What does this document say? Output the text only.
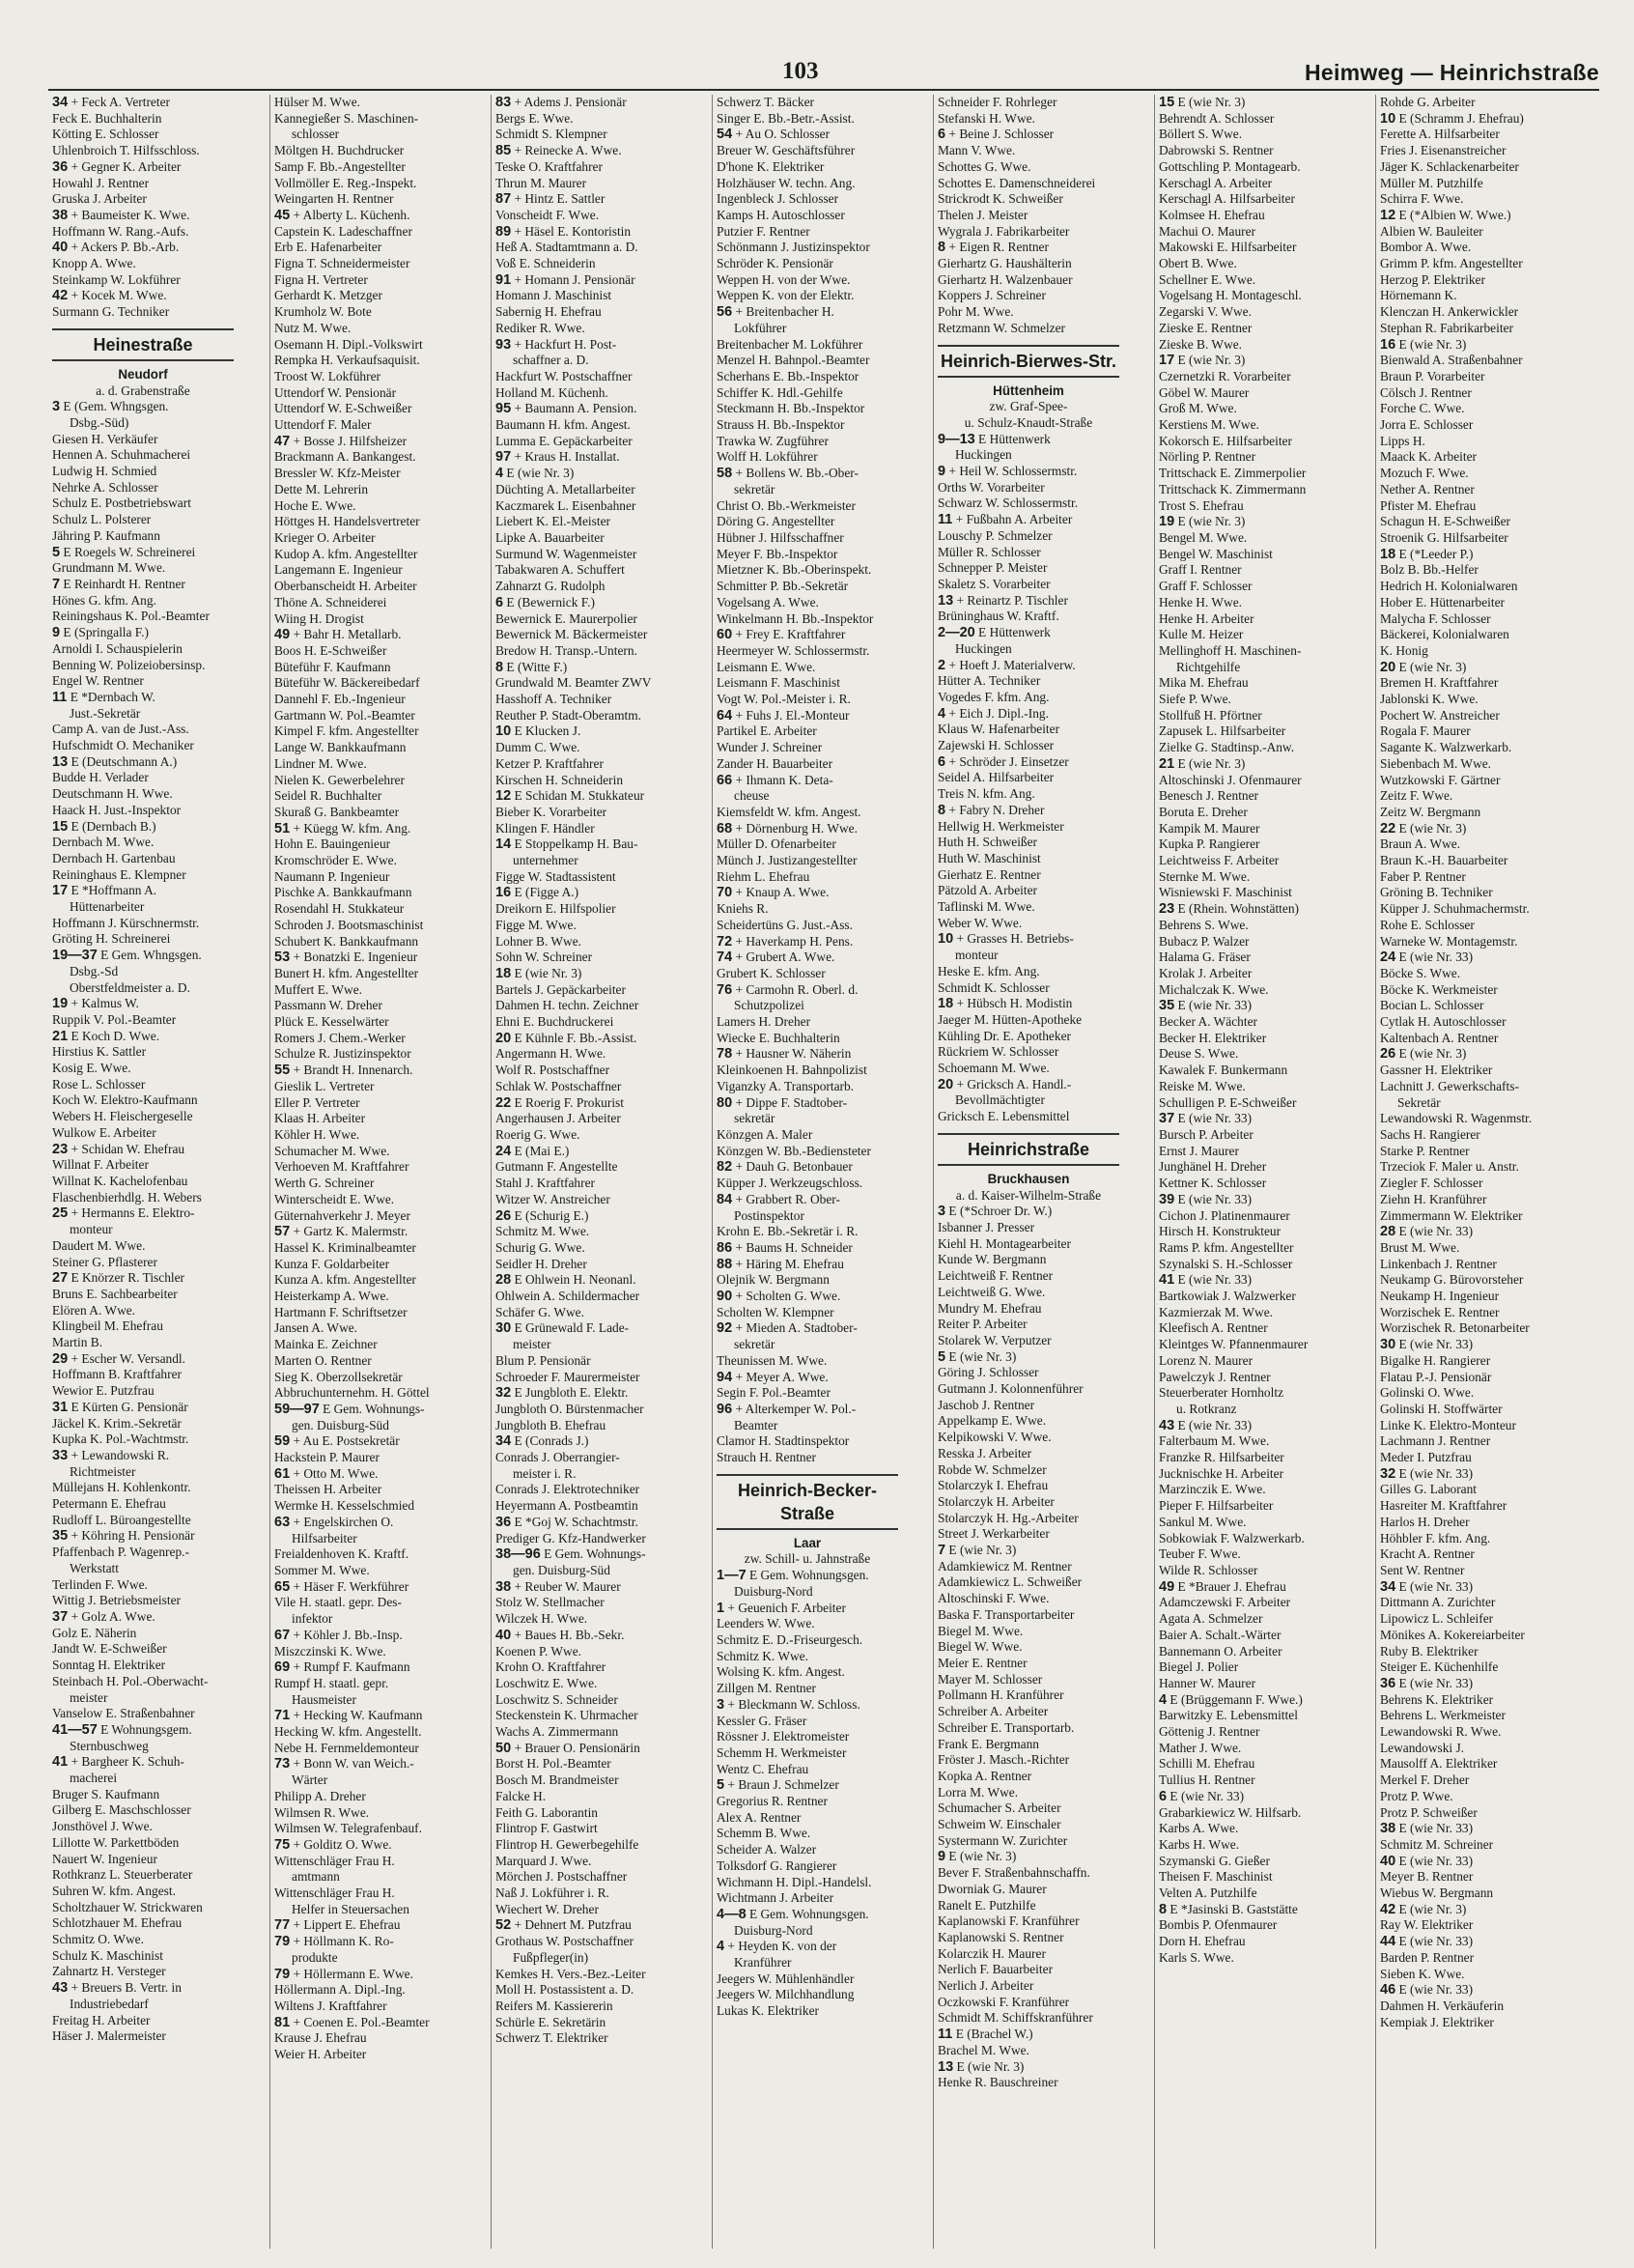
103	Heimweg — Heinrichstraße
34 + Feck A. Vertreter
Feck E. Buchhalterin
Kötting E. Schlosser
Uhlenbroich T. Hilfsschloss.
36 + Gegner K. Arbeiter
Howahl J. Rentner
Gruska J. Arbeiter
38 + Baumeister K. Wwe.
Hoffmann W. Rang.-Aufs.
40 + Ackers P. Bb.-Arb.
Knopp A. Wwe.
Steinkamp W. Lokführer
42 + Kocek M. Wwe.
Surmann G. Techniker
Heinestraße
Neudorf
a. d. Grabenstraße
3 E (Gem. Whngsgen.
Dsbg.-Süd)
Giesen H. Verkäufer
Hennen A. Schuhmacherei
Ludwig H. Schmied
Nehrke A. Schlosser
Schulz E. Postbetriebswart
Schulz L. Polsterer
Jähring P. Kaufmann
5 E Roegels W. Schreinerei
Grundmann M. Wwe.
7 E Reinhardt H. Rentner
Hönes G. kfm. Ang.
Reiningshaus K. Pol.-Beamter
9 E (Springalla F.)
Arnoldi I. Schauspielerin
Benning W. Polizeiobersinsp.
Engel W. Rentner
11 E *Dernbach W.
Just.-Sekretär
Camp A. van de Just.-Ass.
Hufschmidt O. Mechaniker
13 E (Deutschmann A.)
Budde H. Verlader
Deutschmann H. Wwe.
Haack H. Just.-Inspektor
15 E (Dernbach B.)
Dernbach M. Wwe.
Dernbach H. Gartenbau
Reininghaus E. Klempner
17 E *Hoffmann A.
Hüttenarbeiter
Hoffmann J. Kürschnermstr.
Gröting H. Schreinerei
19—37 E Gem. Whngsgen.
Dsbg.-Sd
Oberstfeldmeister a. D.
19 + Kalmus W.
Ruppik V. Pol.-Beamter
21 E Koch D. Wwe.
Hirstius K. Sattler
Kosig E. Wwe.
Rose L. Schlosser
Koch W. Elektro-Kaufmann
Webers H. Fleischergeselle
Wulkow E. Arbeiter
23 + Schidan W. Ehefrau
Willnat F. Arbeiter
Willnat K. Kachelofenbau
Flaschenbierhdlg. H. Webers
25 + Hermanns E. Elektro-
monteur
Daudert M. Wwe.
Steiner G. Pflasterer
27 E Knörzer R. Tischler
Bruns E. Sachbearbeiter
Elören A. Wwe.
Klingbeil M. Ehefrau
Martin B.
29 + Escher W. Versandl.
Hoffmann B. Kraftfahrer
Wewior E. Putzfrau
31 E Kürten G. Pensionär
Jäckel K. Krim.-Sekretär
Kupka K. Pol.-Wachtmstr.
33 + Lewandowski R.
Richtmeister
Müllejans H. Kohlenkontr.
Petermann E. Ehefrau
Rudloff L. Büroangestellte
35 + Köhring H. Pensionär
Pfaffenbach P. Wagenrep.-
Werkstatt
Terlinden F. Wwe.
Wittig J. Betriebsmeister
37 + Golz A. Wwe.
Golz E. Näherin
Jandt W. E-Schweißer
Sonntag H. Elektriker
Steinbach H. Pol.-Oberwacht-
meister
Vanselow E. Straßenbahner
41—57 E Wohnungsgem.
Sternbuschweg
41 + Bargheer K. Schuh-
macherei
Bruger S. Kaufmann
Gilberg E. Maschschlosser
Jonsthövel J. Wwe.
Lillotte W. Parkettböden
Nauert W. Ingenieur
Rothkranz L. Steuerberater
Suhren W. kfm. Angest.
Scholtzhauer W. Strickwaren
Schlotzhauer M. Ehefrau
Schmitz O. Wwe.
Schulz K. Maschinist
Zahnartz H. Versteger
43 + Breuers B. Vertr. in
Industriebedarf
Freitag H. Arbeiter
Häser J. Malermeister
Hülser M. Wwe.
Kannegießer S. Maschinen-
schlosser
Möltgen H. Buchdrucker
Samp F. Bb.-Angestellter
Vollmöller E. Reg.-Inspekt.
Weingarten H. Rentner
45 + Alberty L. Küchenh.
Capstein K. Ladeschaffner
Erb E. Hafenarbeiter
Figna T. Schneidermeister
Figna H. Vertreter
Gerhardt K. Metzger
Krumholz W. Bote
Nutz M. Wwe.
Osemann H. Dipl.-Volkswirt
Rempka H. Verkaufsaquisit.
Troost W. Lokführer
Uttendorf W. Pensionär
Uttendorf W. E-Schweißer
Uttendorf F. Maler
47 + Bosse J. Hilfsheizer
Brackmann A. Bankangest.
Bressler W. Kfz-Meister
Dette M. Lehrerin
Hoche E. Wwe.
Höttges H. Handelsvertreter
Krieger O. Arbeiter
Kudop A. kfm. Angestellter
Langemann E. Ingenieur
Oberbanscheidt H. Arbeiter
Thöne A. Schneiderei
Wiing H. Drogist
49 + Bahr H. Metallarb.
Boos H. E-Schweißer
Büteführ F. Kaufmann
Büteführ W. Bäckereibedarf
Dannehl F. Eb.-Ingenieur
Gartmann W. Pol.-Beamter
Kimpel F. kfm. Angestellter
Lange W. Bankkaufmann
Lindner M. Wwe.
Nielen K. Gewerbelehrer
Seidel R. Buchhalter
Skuraß G. Bankbeamter
51 + Küegg W. kfm. Ang.
Hohn E. Bauingenieur
Kromschröder E. Wwe.
Naumann P. Ingenieur
Pischke A. Bankkaufmann
Rosendahl H. Stukkateur
Schroden J. Bootsmaschinist
Schubert K. Bankkaufmann
53 + Bonatzki E. Ingenieur
Bunert H. kfm. Angestellter
Muffert E. Wwe.
Passmann W. Dreher
Plück E. Kesselwärter
Romers J. Chem.-Werker
Schulze R. Justizinspektor
55 + Brandt H. Innenarch.
Gieslik L. Vertreter
Eller P. Vertreter
Klaas H. Arbeiter
Köhler H. Wwe.
Schumacher M. Wwe.
Verhoeven M. Kraftfahrer
Werth G. Schreiner
Winterscheidt E. Wwe.
Güternahverkehr J. Meyer
57 + Gartz K. Malermstr.
Hassel K. Kriminalbeamter
Kunza F. Goldarbeiter
Kunza A. kfm. Angestellter
Heisterkamp A. Wwe.
Hartmann F. Schriftsetzer
Jansen A. Wwe.
Mainka E. Zeichner
Marten O. Rentner
Sieg K. Oberzollsekretär
Abbruchunternehm. H. Göttel
59—97 E Gem. Wohnungs-
gen. Duisburg-Süd
59 + Au E. Postsekretär
Hackstein P. Maurer
61 + Otto M. Wwe.
Theissen H. Arbeiter
Wermke H. Kesselschmied
63 + Engelskirchen O.
Hilfsarbeiter
Freialdenhoven K. Kraftf.
Sommer M. Wwe.
65 + Häser F. Werkführer
Vile H. staatl. gepr. Des-
infektor
67 + Köhler J. Bb.-Insp.
Miszczinski K. Wwe.
69 + Rumpf F. Kaufmann
Rumpf H. staatl. gepr.
Hausmeister
71 + Hecking W. Kaufmann
Hecking W. kfm. Angestellt.
Nebe H. Fernmeldemonteur
73 + Bonn W. van Weich.-
Wärter
Philipp A. Dreher
Wilmsen R. Wwe.
Wilmsen W. Telegrafenbauf.
75 + Golditz O. Wwe.
Wittenschläger Frau H.
amtmann
Wittenschläger Frau H.
Helfer in Steuersachen
77 + Lippert E. Ehefrau
79 + Höllmann K. Ro-
produkte
79 + Höllermann E. Wwe.
Höllermann A. Dipl.-Ing.
Wiltens J. Kraftfahrer
81 + Coenen E. Pol.-Beamter
Krause J. Ehefrau
Weier H. Arbeiter
83 + Adems J. Pensionär
Bergs E. Wwe.
Schmidt S. Klempner
85 + Reinecke A. Wwe.
Teske O. Kraftfahrer
Thrun M. Maurer
87 + Hintz E. Sattler
Vonscheidt F. Wwe.
89 + Häsel E. Kontoristin
Heß A. Stadtamtmann a. D.
Voß E. Schneiderin
91 + Homann J. Pensionär
Homann J. Maschinist
Sabernig H. Ehefrau
Rediker R. Wwe.
93 + Hackfurt H. Post-
schaffner a. D.
Hackfurt W. Postschaffner
Holland M. Küchenh.
95 + Baumann A. Pension.
Baumann H. kfm. Angest.
Lumma E. Gepäckarbeiter
97 + Kraus H. Installat.
4 E (wie Nr. 3)
Düchting A. Metallarbeiter
Kaczmarek L. Eisenbahner
Liebert K. El.-Meister
Lipke A. Bauarbeiter
Surmund W. Wagenmeister
Tabakwaren A. Schuffert
Zahnarzt G. Rudolph
6 E (Bewernick F.)
Bewernick E. Maurerpolier
Bewernick M. Bäckermeister
Bredow H. Transp.-Untern.
8 E (Witte F.)
Grundwald M. Beamter ZWV
Hasshoff A. Techniker
Reuther P. Stadt-Oberamtm.
10 E Klucken J.
Dumm C. Wwe.
Ketzer P. Kraftfahrer
Kirschen H. Schneiderin
12 E Schidan M. Stukkateur
Bieber K. Vorarbeiter
Klingen F. Händler
14 E Stoppelkamp H. Bau-
unternehmer
Figge W. Stadtassistent
16 E (Figge A.)
Dreikorn E. Hilfspolier
Figge M. Wwe.
Lohner B. Wwe.
Sohn W. Schreiner
18 E (wie Nr. 3)
Bartels J. Gepäckarbeiter
Dahmen H. techn. Zeichner
Ehni E. Buchdruckerei
20 E Kühnle F. Bb.-Assist.
Angermann H. Wwe.
Wolf R. Postschaffner
Schlak W. Postschaffner
22 E Roerig F. Prokurist
Angerhausen J. Arbeiter
Roerig G. Wwe.
24 E (Mai E.)
Gutmann F. Angestellte
Stahl J. Kraftfahrer
Witzer W. Anstreicher
26 E (Schurig E.)
Schmitz M. Wwe.
Schurig G. Wwe.
Seidler H. Dreher
28 E Ohlwein H. Neonanl.
Ohlwein A. Schildermacher
Schäfer G. Wwe.
30 E Grünewald F. Lade-
meister
Blum P. Pensionär
Schroeder F. Maurermeister
32 E Jungbloth E. Elektr.
Jungbloth O. Bürstenmacher
Jungbloth B. Ehefrau
34 E (Conrads J.)
Conrads J. Oberrangier-
meister i. R.
Conrads J. Elektrotechniker
Heyermann A. Postbeamtin
36 E *Goj W. Schachtmstr.
Prediger G. Kfz-Handwerker
38—96 E Gem. Wohnungs-
gen. Duisburg-Süd
38 + Reuber W. Maurer
Stolz W. Stellmacher
Wilczek H. Wwe.
40 + Baues H. Bb.-Sekr.
Koenen P. Wwe.
Krohn O. Kraftfahrer
Loschwitz E. Wwe.
Loschwitz S. Schneider
Steckenstein K. Uhrmacher
Wachs A. Zimmermann
50 + Brauer O. Pensionärin
Borst H. Pol.-Beamter
Bosch M. Brandmeister
Falcke H.
Feith G. Laborantin
Flintrop F. Gastwirt
Flintrop H. Gewerbegehilfe
Marquard J. Wwe.
Mörchen J. Postschaffner
Naß J. Lokführer i. R.
Wiechert W. Dreher
52 + Dehnert M. Putzfrau
Grothaus W. Postschaffner
Fußpfleger(in)
Kemkes H. Vers.-Bez.-Leiter
Moll H. Postassistent a. D.
Reifers M. Kassiererin
Schürle E. Sekretärin
Schwerz T. Elektriker
Schwerz T. Bäcker
Singer E. Bb.-Betr.-Assist.
54 + Au O. Schlosser
Breuer W. Geschäftsführer
D'hone K. Elektriker
Holzhäuser W. techn. Ang.
Ingenbleck J. Schlosser
Kamps H. Autoschlosser
Putzier F. Rentner
Schönmann J. Justizinspektor
Schröder K. Pensionär
Weppen H. von der Wwe.
Weppen K. von der Elektr.
56 + Breitenbacher H.
Lokführer
Breitenbacher M. Lokführer
Menzel H. Bahnpol.-Beamter
Scherhans E. Bb.-Inspektor
Schiffer K. Hdl.-Gehilfe
Steckmann H. Bb.-Inspektor
Strauss H. Bb.-Inspektor
Trawka W. Zugführer
Wolff H. Lokführer
58 + Bollens W. Bb.-Ober-
sekretär
Christ O. Bb.-Werkmeister
Döring G. Angestellter
Hübner J. Hilfsschaffner
Meyer F. Bb.-Inspektor
Mietzner K. Bb.-Oberinspekt.
Schmitter P. Bb.-Sekretär
Vogelsang A. Wwe.
Winkelmann H. Bb.-Inspektor
60 + Frey E. Kraftfahrer
Heermeyer W. Schlossermstr.
Leismann E. Wwe.
Leismann F. Maschinist
Vogt W. Pol.-Meister i. R.
64 + Fuhs J. El.-Monteur
Partikel E. Arbeiter
Wunder J. Schreiner
Zander H. Bauarbeiter
66 + Ihmann K. Deta-
cheuse
Kiemsfeldt W. kfm. Angest.
68 + Dörnenburg H. Wwe.
Müller D. Ofenarbeiter
Münch J. Justizangestellter
Riehm L. Ehefrau
70 + Knaup A. Wwe.
Kniehs R.
Scheidertüns G. Just.-Ass.
72 + Haverkamp H. Pens.
74 + Grubert A. Wwe.
Grubert K. Schlosser
76 + Carmohn R. Oberl. d.
Schutzpolizei
Lamers H. Dreher
Wiecke E. Buchhalterin
78 + Hausner W. Näherin
Kleinkoenen H. Bahnpolizist
Viganzky A. Transportarb.
80 + Dippe F. Stadtober-
sekretär
Könzgen A. Maler
Könzgen W. Bb.-Bediensteter
82 + Dauh G. Betonbauer
Küpper J. Werkzeugschloss.
84 + Grabbert R. Ober-
Postinspektor
Krohn E. Bb.-Sekretär i. R.
86 + Baums H. Schneider
88 + Häring M. Ehefrau
Olejnik W. Bergmann
90 + Scholten G. Wwe.
Scholten W. Klempner
92 + Mieden A. Stadtober-
sekretär
Theunissen M. Wwe.
94 + Meyer A. Wwe.
Segin F. Pol.-Beamter
96 + Alterkemper W. Pol.-
Beamter
Clamor H. Stadtinspektor
Strauch H. Rentner
Heinrich-Becker-Straße
Laar
zw. Schill- u. Jahnstraße
1—7 E Gem. Wohnungsgen.
Duisburg-Nord
1 + Geuenich F. Arbeiter
Leenders W. Wwe.
Schmitz E. D.-Friseurgesch.
Schmitz K. Wwe.
Wolsing K. kfm. Angest.
Zillgen M. Rentner
3 + Bleckmann W. Schloss.
Kessler G. Fräser
Rössner J. Elektromeister
Schemm H. Werkmeister
Wentz C. Ehefrau
5 + Braun J. Schmelzer
Gregorius R. Rentner
Alex A. Rentner
Schemm B. Wwe.
Scheider A. Walzer
Tolksdorf G. Rangierer
Wichmann H. Dipl.-Handelsl.
Wichtmann J. Arbeiter
4—8 E Gem. Wohnungsgen.
Duisburg-Nord
4 + Heyden K. von der
Kranführer
Jeegers W. Mühlenhändler
Jeegers W. Milchhandlung
Lukas K. Elektriker
Schneider F. Rohrleger
Stefanski H. Wwe.
6 + Beine J. Schlosser
Mann V. Wwe.
Schottes G. Wwe.
Schottes E. Damenschneiderei
Strickrodt K. Schweißer
Thelen J. Meister
Wygrala J. Fabrikarbeiter
8 + Eigen R. Rentner
Gierhartz G. Haushälterin
Gierhartz H. Walzenbauer
Koppers J. Schreiner
Pohr M. Wwe.
Retzmann W. Schmelzer
Heinrich-Bierwes-Str.
Hüttenheim
zw. Graf-Spee-
u. Schulz-Knaudt-Straße
9—13 E Hüttenwerk
Huckingen
9 + Heil W. Schlossermstr.
Orths W. Vorarbeiter
Schwarz W. Schlossermstr.
11 + Fußbahn A. Arbeiter
Louschy P. Schmelzer
Müller R. Schlosser
Schnepper P. Meister
Skaletz S. Vorarbeiter
13 + Reinartz P. Tischler
Brüninghaus W. Kraftf.
2—20 E Hüttenwerk
Huckingen
2 + Hoeft J. Materialverw.
Hütter A. Techniker
Vogedes F. kfm. Ang.
4 + Eich J. Dipl.-Ing.
Klaus W. Hafenarbeiter
Zajewski H. Schlosser
6 + Schröder J. Einsetzer
Seidel A. Hilfsarbeiter
Treis N. kfm. Ang.
8 + Fabry N. Dreher
Hellwig H. Werkmeister
Huth H. Schweißer
Huth W. Maschinist
Gierhatz E. Rentner
Pätzold A. Arbeiter
Taflinski M. Wwe.
Weber W. Wwe.
10 + Grasses H. Betriebs-
monteur
Heske E. kfm. Ang.
Schmidt K. Schlosser
18 + Hübsch H. Modistin
Jaeger M. Hütten-Apotheke
Kühling Dr. E. Apotheker
Rückriem W. Schlosser
Schoemann M. Wwe.
20 + Gricksch A. Handl.-
Bevollmächtigter
Gricksch E. Lebensmittel
Heinrichstraße
Bruckhausen
a. d. Kaiser-Wilhelm-Straße
3 E (*Schroer Dr. W.)
Isbanner J. Presser
Kiehl H. Montagearbeiter
Kunde W. Bergmann
Leichtweiß F. Rentner
Leichtweiß G. Wwe.
Mundry M. Ehefrau
Reiter P. Arbeiter
Stolarek W. Verputzer
5 E (wie Nr. 3)
Göring J. Schlosser
Gutmann J. Kolonnenführer
Jaschob J. Rentner
Appelkamp E. Wwe.
Kelpikowski V. Wwe.
Resska J. Arbeiter
Robde W. Schmelzer
Stolarczyk I. Ehefrau
Stolarczyk H. Arbeiter
Stolarczyk H. Hg.-Arbeiter
Street J. Werkarbeiter
7 E (wie Nr. 3)
Adamkiewicz M. Rentner
Adamkiewicz L. Schweißer
Altoschinski F. Wwe.
Baska F. Transportarbeiter
Biegel M. Wwe.
Biegel W. Wwe.
Meier E. Rentner
Mayer M. Schlosser
Pollmann H. Kranführer
Schreiber A. Arbeiter
Schreiber E. Transportarb.
Frank E. Bergmann
Fröster J. Masch.-Richter
Kopka A. Rentner
Lorra M. Wwe.
Schumacher S. Arbeiter
Schweim W. Einschaler
Systermann W. Zurichter
9 E (wie Nr. 3)
Bever F. Straßenbahnschaffn.
Dworniak G. Maurer
Ranelt E. Putzhilfe
Kaplanowski F. Kranführer
Kaplanowski S. Rentner
Kolarczik H. Maurer
Nerlich F. Bauarbeiter
Nerlich J. Arbeiter
Oczkowski F. Kranführer
Schmidt M. Schiffskranführer
11 E (Brachel W.)
Brachel M. Wwe.
13 E (wie Nr. 3)
Henke R. Bauschreiner
15 E (wie Nr. 3)
Behrendt A. Schlosser
Böllert S. Wwe.
Dabrowski S. Rentner
Gottschling P. Montagearb.
Kerschagl A. Arbeiter
Kerschagl A. Hilfsarbeiter
Kolmsee H. Ehefrau
Machui O. Maurer
Makowski E. Hilfsarbeiter
Obert B. Wwe.
Schellner E. Wwe.
Vogelsang H. Montageschl.
Zegarski V. Wwe.
Zieske E. Rentner
Zieske B. Wwe.
17 E (wie Nr. 3)
Czernetzki R. Vorarbeiter
Göbel W. Maurer
Groß M. Wwe.
Kerstiens M. Wwe.
Kokorsch E. Hilfsarbeiter
Nörling P. Rentner
Trittschack E. Zimmerpolier
Trittschack K. Zimmermann
Trost S. Ehefrau
19 E (wie Nr. 3)
Bengel M. Wwe.
Bengel W. Maschinist
Graff I. Rentner
Graff F. Schlosser
Henke H. Wwe.
Henke H. Arbeiter
Kulle M. Heizer
Mellinghoff H. Maschinen-
Richtgehilfe
Mika M. Ehefrau
Siefe P. Wwe.
Stollfuß H. Pförtner
Zapusek L. Hilfsarbeiter
Zielke G. Stadtinsp.-Anw.
21 E (wie Nr. 3)
Altoschinski J. Ofenmaurer
Benesch J. Rentner
Boruta E. Dreher
Kampik M. Maurer
Kupka P. Rangierer
Leichtweiss F. Arbeiter
Sternke M. Wwe.
Wisniewski F. Maschinist
23 E (Rhein. Wohnstätten)
Behrens S. Wwe.
Bubacz P. Walzer
Halama G. Fräser
Krolak J. Arbeiter
Michalczak K. Wwe.
35 E (wie Nr. 33)
Becker A. Wächter
Becker H. Elektriker
Deuse S. Wwe.
Kawalek F. Bunkermann
Reiske M. Wwe.
Schulligen P. E-Schweißer
37 E (wie Nr. 33)
Bursch P. Arbeiter
Ernst J. Maurer
Junghänel H. Dreher
Kettner K. Schlosser
39 E (wie Nr. 33)
Cichon J. Platinenmaurer
Hirsch H. Konstrukteur
Rams P. kfm. Angestellter
Szynalski S. H.-Schlosser
41 E (wie Nr. 33)
Bartkowiak J. Walzwerker
Kazmierzak M. Wwe.
Kleefisch A. Rentner
Kleintges W. Pfannenmaurer
Lorenz N. Maurer
Pawelczyk J. Rentner
Steuerberater Hornholtz
u. Rotkranz
43 E (wie Nr. 33)
Falterbaum M. Wwe.
Franzke R. Hilfsarbeiter
Jucknischke H. Arbeiter
Marzinczik E. Wwe.
Pieper F. Hilfsarbeiter
Sankul M. Wwe.
Sobkowiak F. Walzwerkarb.
Teuber F. Wwe.
Wilde R. Schlosser
49 E *Brauer J. Ehefrau
Adamczewski F. Arbeiter
Agata A. Schmelzer
Baier A. Schalt.-Wärter
Bannemann O. Arbeiter
Biegel J. Polier
Hanner W. Maurer
4 E (Brüggemann F. Wwe.)
Barwitzky E. Lebensmittel
Göttenig J. Rentner
Mather J. Wwe.
Schilli M. Ehefrau
Tullius H. Rentner
6 E (wie Nr. 33)
Grabarkiewicz W. Hilfsarb.
Karbs A. Wwe.
Karbs H. Wwe.
Szymanski G. Gießer
Theisen F. Maschinist
Velten A. Putzhilfe
8 E *Jasinski B. Gaststätte
Bombis P. Ofenmaurer
Dorn H. Ehefrau
Karls S. Wwe.
Rohde G. Arbeiter
10 E (Schramm J. Ehefrau)
Ferette A. Hilfsarbeiter
Fries J. Eisenanstreicher
Jäger K. Schlackenarbeiter
Müller M. Putzhilfe
Schirra F. Wwe.
12 E (*Albien W. Wwe.)
Albien W. Bauleiter
Bombor A. Wwe.
Grimm P. kfm. Angestellter
Herzog P. Elektriker
Hörnemann K.
Klenczan H. Ankerwickler
Stephan R. Fabrikarbeiter
16 E (wie Nr. 3)
Bienwald A. Straßenbahner
Braun P. Vorarbeiter
Cölsch J. Rentner
Forche C. Wwe.
Jorra E. Schlosser
Lipps H.
Maack K. Arbeiter
Mozuch F. Wwe.
Nether A. Rentner
Pfister M. Ehefrau
Schagun H. E-Schweißer
Stroenik G. Hilfsarbeiter
18 E (*Leeder P.)
Bolz B. Bb.-Helfer
Hedrich H. Kolonialwaren
Hober E. Hüttenarbeiter
Malycha F. Schlosser
Bäckerei, Kolonialwaren
K. Honig
20 E (wie Nr. 3)
Bremen H. Kraftfahrer
Jablonski K. Wwe.
Pochert W. Anstreicher
Rogala F. Maurer
Sagante K. Walzwerkarb.
Siebenbach M. Wwe.
Wutzkowski F. Gärtner
Zeitz F. Wwe.
Zeitz W. Bergmann
22 E (wie Nr. 3)
Braun A. Wwe.
Braun K.-H. Bauarbeiter
Faber P. Rentner
Gröning B. Techniker
Küpper J. Schuhmachermstr.
Rohe E. Schlosser
Warneke W. Montagemstr.
24 E (wie Nr. 33)
Böcke S. Wwe.
Böcke K. Werkmeister
Bocian L. Schlosser
Cytlak H. Autoschlosser
Kaltenbach A. Rentner
26 E (wie Nr. 3)
Gassner H. Elektriker
Lachnitt J. Gewerkschafts-
Sekretär
Lewandowski R. Wagenmstr.
Sachs H. Rangierer
Starke P. Rentner
Trzeciok F. Maler u. Anstr.
Ziegler F. Schlosser
Ziehn H. Kranführer
Zimmermann W. Elektriker
28 E (wie Nr. 33)
Brust M. Wwe.
Linkenbach J. Rentner
Neukamp G. Bürovorsteher
Neukamp H. Ingenieur
Worzischek E. Rentner
Worzischek R. Betonarbeiter
30 E (wie Nr. 33)
Bigalke H. Rangierer
Flatau P.-J. Pensionär
Golinski O. Wwe.
Golinski H. Stoffwärter
Linke K. Elektro-Monteur
Lachmann J. Rentner
Meder I. Putzfrau
32 E (wie Nr. 33)
Gilles G. Laborant
Hasreiter M. Kraftfahrer
Harlos H. Dreher
Höhbler F. kfm. Ang.
Kracht A. Rentner
Sent W. Rentner
34 E (wie Nr. 33)
Dittmann A. Zurichter
Lipowicz L. Schleifer
Mönikes A. Kokereiarbeiter
Ruby B. Elektriker
Steiger E. Küchenhilfe
36 E (wie Nr. 33)
Behrens K. Elektriker
Behrens L. Werkmeister
Lewandowski R. Wwe.
Lewandowski J.
Mausolff A. Elektriker
Merkel F. Dreher
Protz P. Wwe.
Protz P. Schweißer
38 E (wie Nr. 33)
Schmitz M. Schreiner
40 E (wie Nr. 33)
Meyer B. Rentner
Wiebus W. Bergmann
42 E (wie Nr. 3)
Ray W. Elektriker
44 E (wie Nr. 33)
Barden P. Rentner
Sieben K. Wwe.
46 E (wie Nr. 33)
Dahmen H. Verkäuferin
Kempiak J. Elektriker
